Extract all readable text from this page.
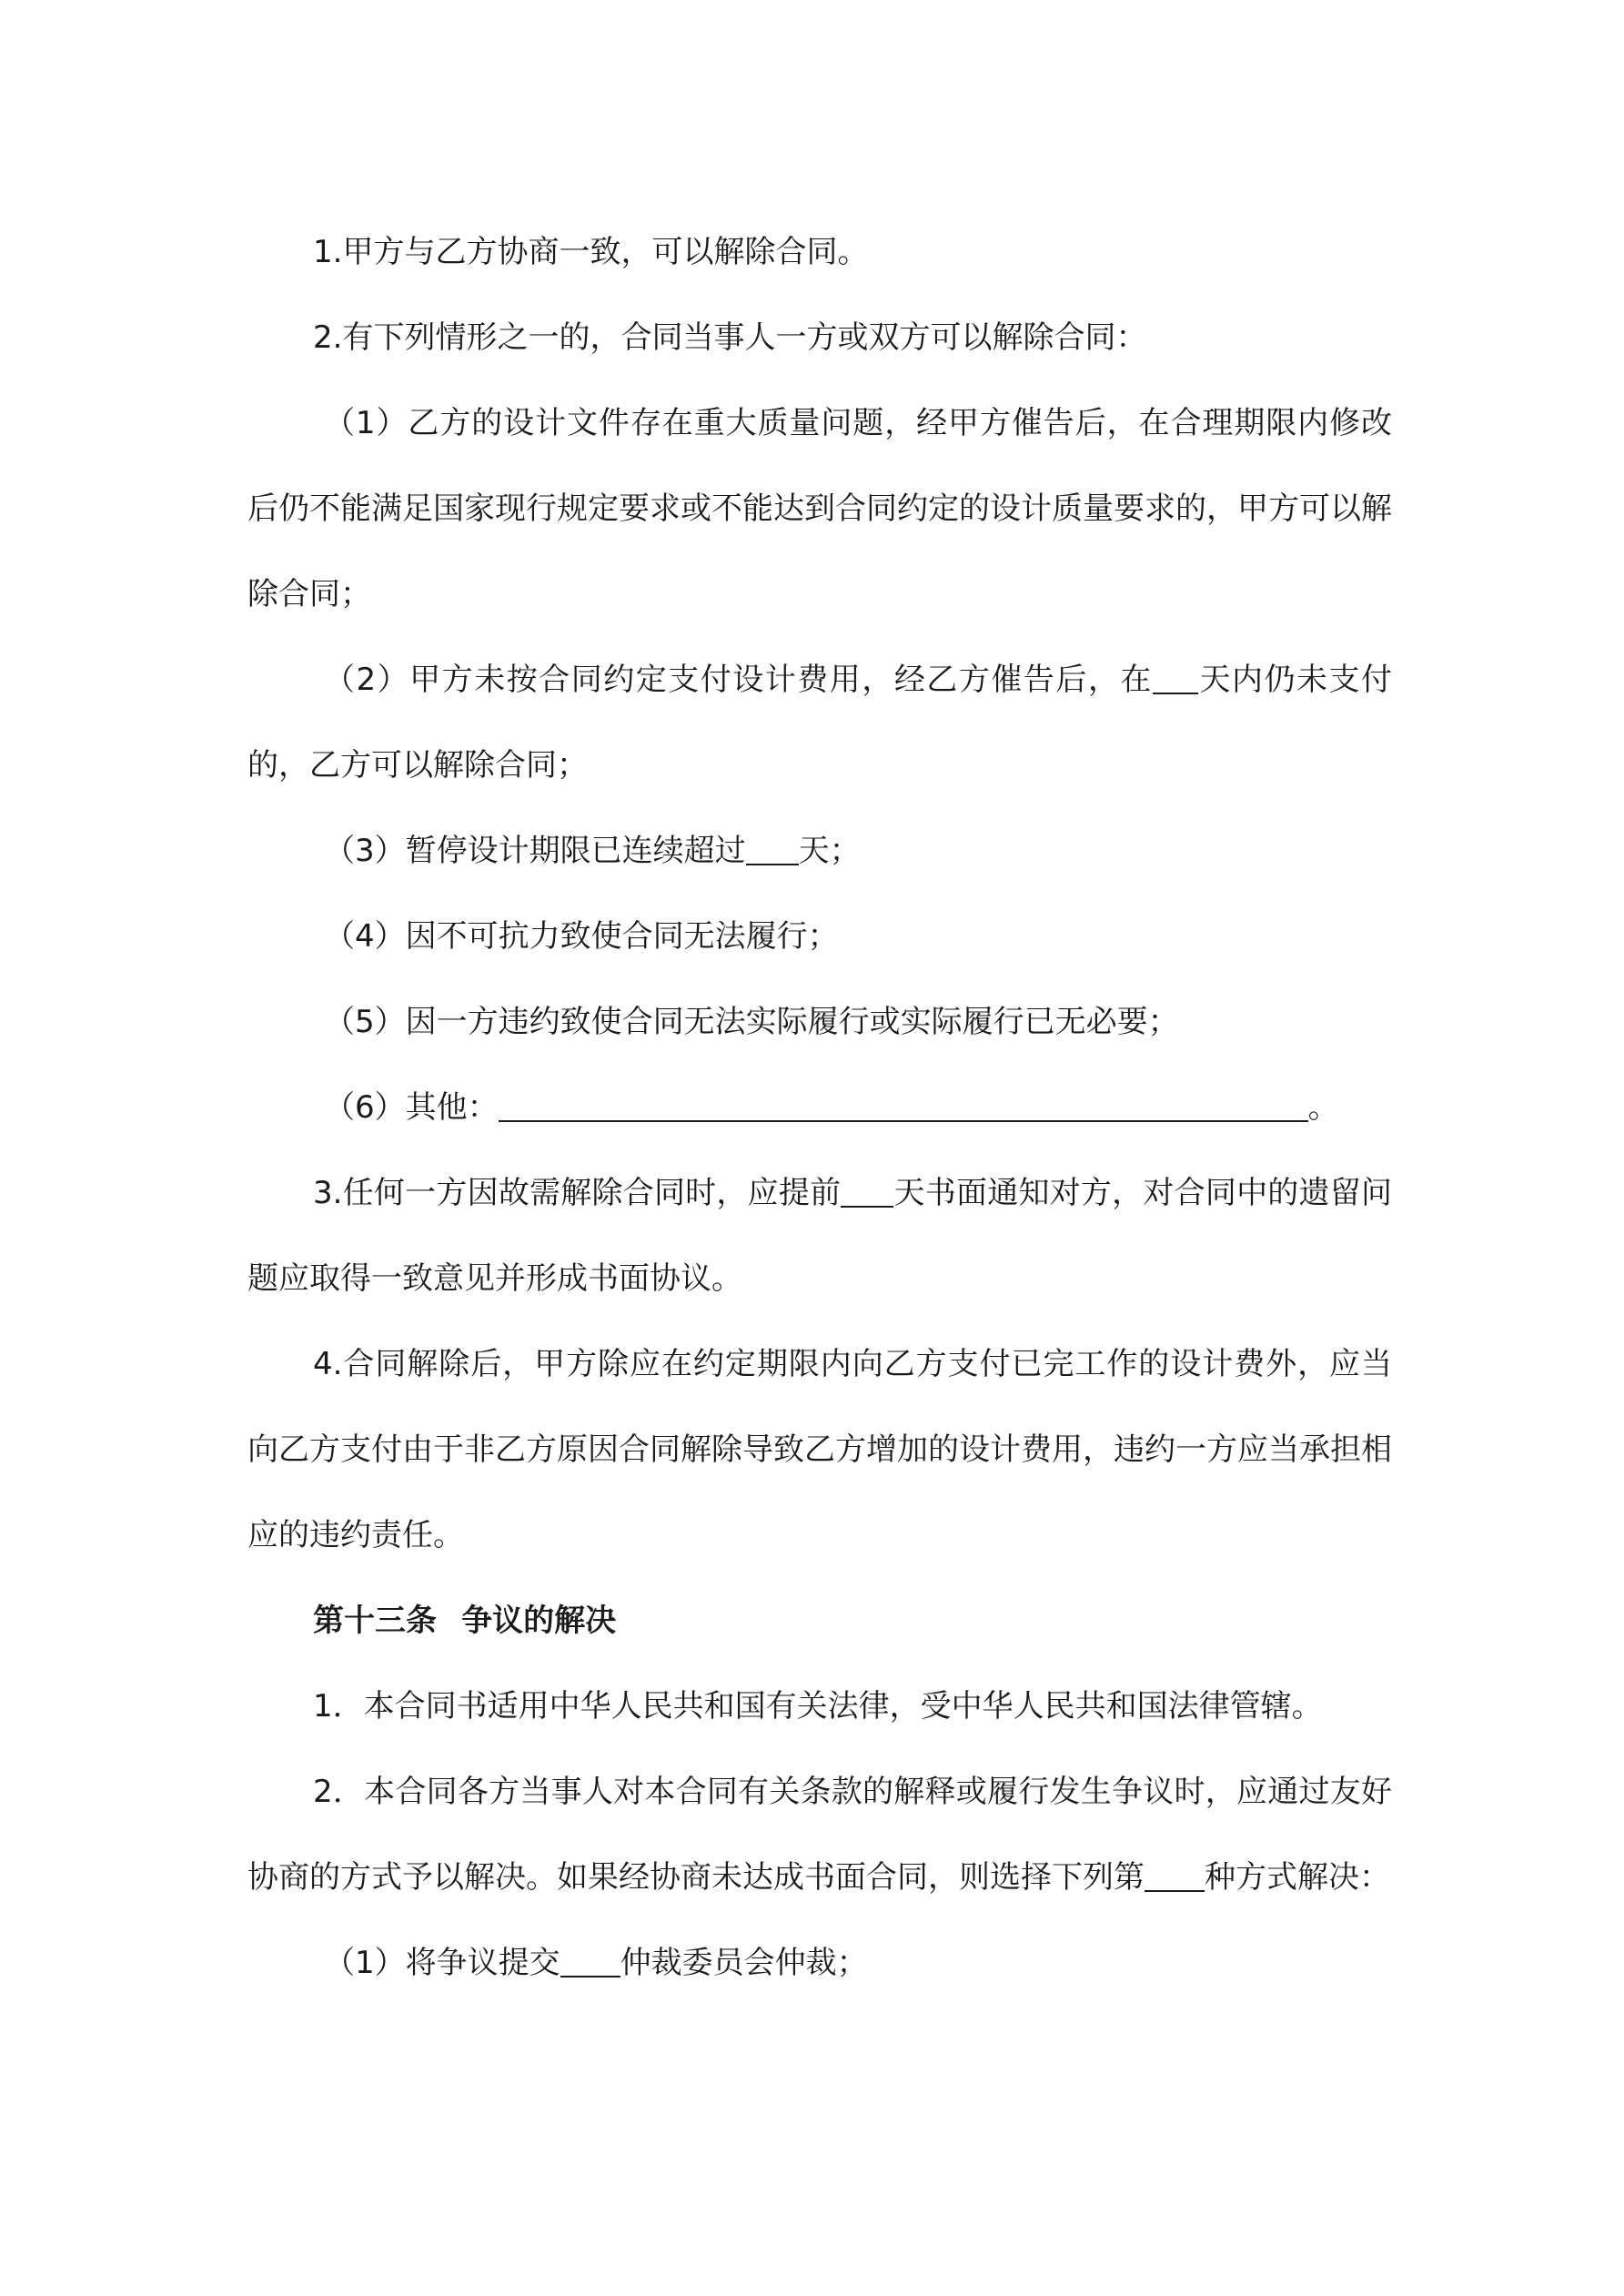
1.甲方与乙方协商一致，可以解除合同。

2.有下列情形之一的，合同当事人一方或双方可以解除合同：

（1）乙方的设计文件存在重大质量问题，经甲方催告后，在合理期限内修改后仍不能满足国家现行规定要求或不能达到合同约定的设计质量要求的，甲方可以解除合同；

（2）甲方未按合同约定支付设计费用，经乙方催告后，在 天内仍未支付的，乙方可以解除合同；

（3）暂停设计期限已连续超过 天；

（4）因不可抗力致使合同无法履行；

（5）因一方违约致使合同无法实际履行或实际履行已无必要；

（6）其他：	。

3.任何一方因故需解除合同时，应提前 天书面通知对方，对合同中的遗留问题应取得一致意见并形成书面协议。

4.合同解除后，甲方除应在约定期限内向乙方支付已完工作的设计费外，应当向乙方支付由于非乙方原因合同解除导致乙方增加的设计费用，违约一方应当承担相应的违约责任。

第十三条 争议的解决

1．本合同书适用中华人民共和国有关法律，受中华人民共和国法律管辖。

2．本合同各方当事人对本合同有关条款的解释或履行发生争议时，应通过友好协商的方式予以解决。如果经协商未达成书面合同，则选择下列第 种方式解决：

（1）将争议提交 仲裁委员会仲裁；
